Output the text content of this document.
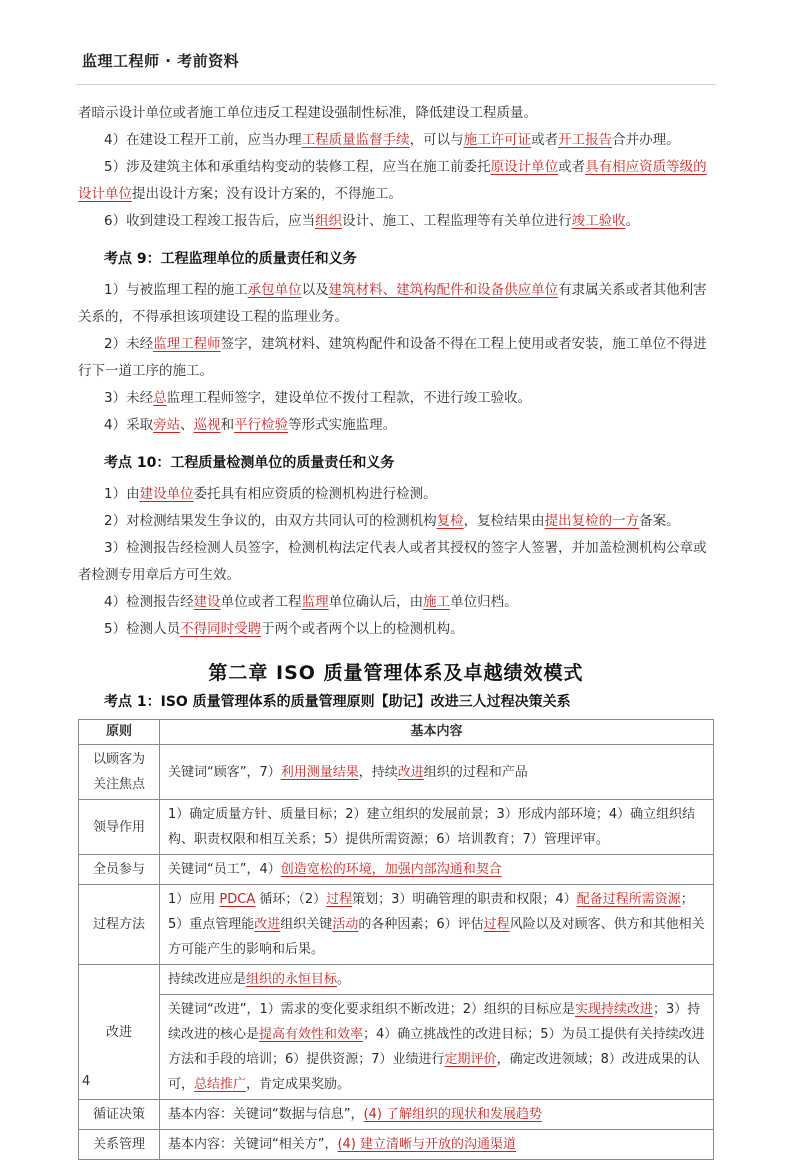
监理工程师 · 考前资料

者暗示设计单位或者施工单位违反工程建设强制性标准，降低建设工程质量。

4）在建设工程开工前，应当办理工程质量监督手续，可以与施工许可证或者开工报告合并办理。

5）涉及建筑主体和承重结构变动的装修工程，应当在施工前委托原设计单位或者具有相应资质等级的设计单位提出设计方案；没有设计方案的，不得施工。

6）收到建设工程竣工报告后，应当组织设计、施工、工程监理等有关单位进行竣工验收。

考点 9：工程监理单位的质量责任和义务

1）与被监理工程的施工承包单位以及建筑材料、建筑构配件和设备供应单位有隶属关系或者其他利害关系的，不得承担该项建设工程的监理业务。

2）未经监理工程师签字，建筑材料、建筑构配件和设备不得在工程上使用或者安装，施工单位不得进行下一道工序的施工。

3）未经总监理工程师签字，建设单位不拨付工程款，不进行竣工验收。

4）采取旁站、巡视和平行检验等形式实施监理。

考点 10：工程质量检测单位的质量责任和义务

1）由建设单位委托具有相应资质的检测机构进行检测。

2）对检测结果发生争议的，由双方共同认可的检测机构复检，复检结果由提出复检的一方备案。

3）检测报告经检测人员签字，检测机构法定代表人或者其授权的签字人签署，并加盖检测机构公章或者检测专用章后方可生效。

4）检测报告经建设单位或者工程监理单位确认后，由施工单位归档。

5）检测人员不得同时受聘于两个或者两个以上的检测机构。

第二章 ISO 质量管理体系及卓越绩效模式
考点 1：ISO 质量管理体系的质量管理原则【助记】改进三人过程决策关系
原则	基本内容
以顾客为关注焦点	关键词“顾客”，7）利用测量结果，持续改进组织的过程和产品
领导作用	1）确定质量方针、质量目标；2）建立组织的发展前景；3）形成内部环境；4）确立组织结构、职责权限和相互关系；5）提供所需资源；6）培训教育；7）管理评审。
全员参与	关键词“员工”，4）创造宽松的环境，加强内部沟通和契合
过程方法	1）应用 PDCA 循环；（2）过程策划；3）明确管理的职责和权限；4）配备过程所需资源；5）重点管理能改进组织关键活动的各种因素；6）评估过程风险以及对顾客、供方和其他相关方可能产生的影响和后果。
改进	持续改进应是组织的永恒目标。
	关键词“改进”，1）需求的变化要求组织不断改进；2）组织的目标应是实现持续改进；3）持续改进的核心是提高有效性和效率；4）确立挑战性的改进目标；5）为员工提供有关持续改进方法和手段的培训；6）提供资源；7）业绩进行定期评价，确定改进领域；8）改进成果的认可，总结推广，肯定成果奖励。
循证决策	基本内容：关键词“数据与信息”，(4) 了解组织的现状和发展趋势
关系管理	基本内容：关键词“相关方”，(4) 建立清晰与开放的沟通渠道
4
